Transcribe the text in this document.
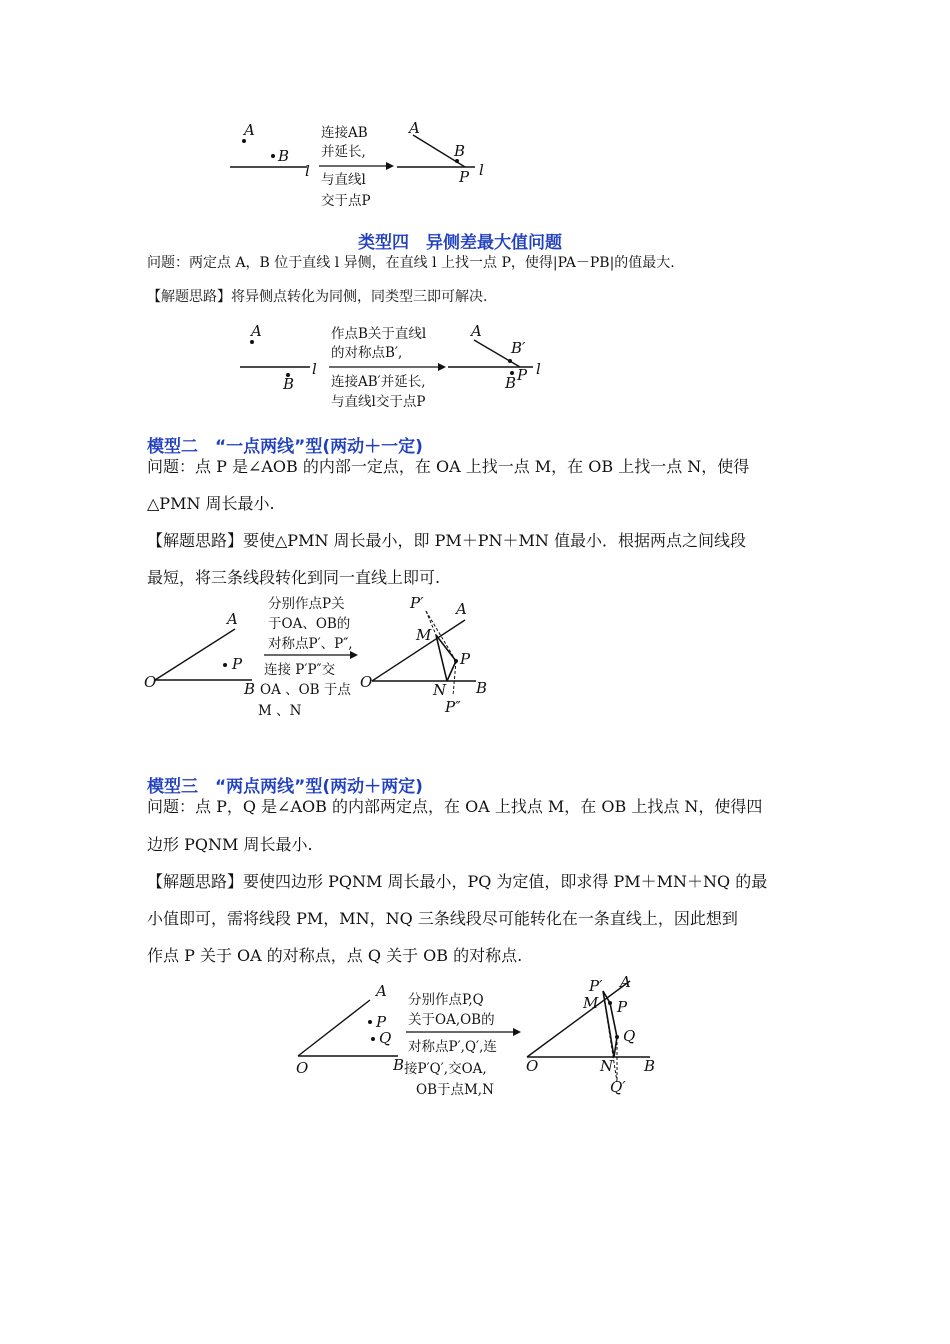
A
B
l
连接AB
并延长,
与直线l
交于点P
A
B
P l
类型四　异侧差最大值问题
问题：两定点 A，B 位于直线 l 异侧，在直线 l 上找一点 P，使得|PA－PB|的值最大.
【解题思路】将异侧点转化为同侧，同类型三即可解决.
A
B
l
作点B关于直线l
的对称点B′,
连接AB′并延长,
与直线l交于点P
A
B′
B P l
模型二　“一点两线”型(两动＋一定)
问题：点 P 是∠AOB 的内部一定点，在 OA 上找一点 M，在 OB 上找一点 N，使得
△PMN 周长最小.
【解题思路】要使△PMN 周长最小，即 PM＋PN＋MN 值最小．根据两点之间线段
最短，将三条线段转化到同一直线上即可.
A
P
O	B
分别作点P关
于OA、OB的
对称点P′、P″,
连接 P′P″交
OA 、OB 于点
M 、N
P′ A
M
P
O	N B
P″
模型三　“两点两线”型(两动＋两定)
问题：点 P，Q 是∠AOB 的内部两定点，在 OA 上找点 M，在 OB 上找点 N，使得四
边形 PQNM 周长最小.
【解题思路】要使四边形 PQNM 周长最小，PQ 为定值，即求得 PM＋MN＋NQ 的最
小值即可，需将线段 PM，MN，NQ 三条线段尽可能转化在一条直线上，因此想到
作点 P 关于 OA 的对称点，点 Q 关于 OB 的对称点.
A
P
Q
O	B
分别作点P,Q
关于OA,OB的
对称点P′,Q′,连
接P′Q′,交OA,
OB于点M,N
P′ A
M P
Q
O	N B
Q′
